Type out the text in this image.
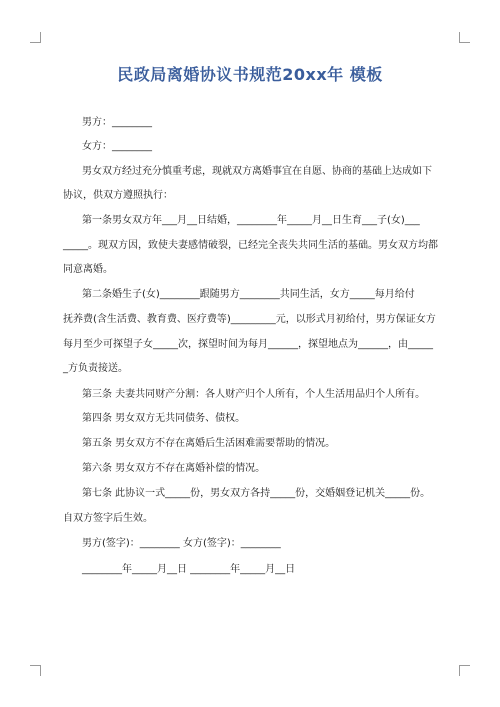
民政局离婚协议书规范20xx年 模板
男方：________
女方：________
男女双方经过充分慎重考虑，现就双方离婚事宜在自愿、协商的基础上达成如下
协议，供双方遵照执行：
第一条男女双方年___月__日结婚，________年_____月__日生育___子(女)___
_____。现双方因，致使夫妻感情破裂，已经完全丧失共同生活的基础。男女双方均都
同意离婚。
第二条婚生子(女)________跟随男方________共同生活，女方_____每月给付
抚养费(含生活费、教育费、医疗费等)_________元，以形式月初给付，男方保证女方
每月至少可探望子女_____次，探望时间为每月______，探望地点为______，由_____
_方负责接送。
第三条 夫妻共同财产分割：各人财产归个人所有，个人生活用品归个人所有。
第四条 男女双方无共同债务、债权。
第五条 男女双方不存在离婚后生活困难需要帮助的情况。
第六条 男女双方不存在离婚补偿的情况。
第七条 此协议一式_____份，男女双方各持_____份，交婚姻登记机关_____份。
自双方签字后生效。
男方(签字)：________ 女方(签字)：________
________年_____月__日 ________年_____月__日
